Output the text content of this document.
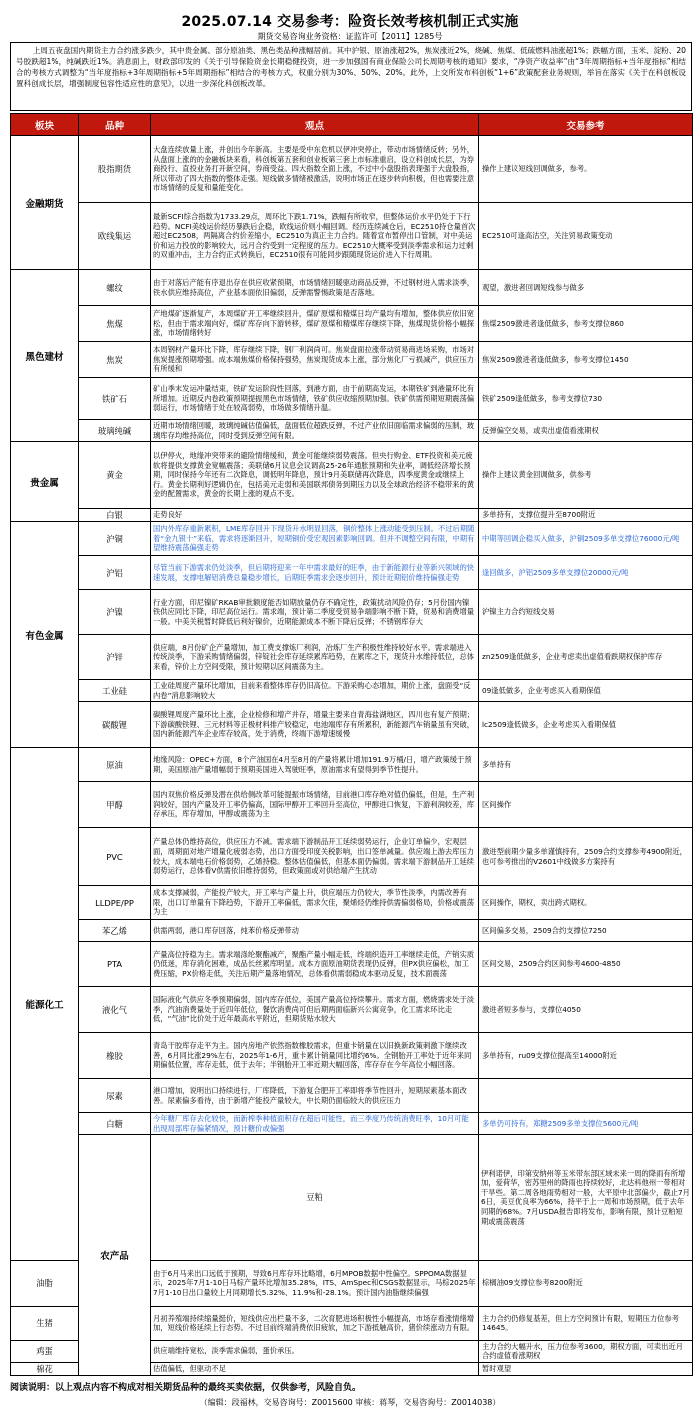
2025.07.14 交易参考：险资长效考核机制正式实施
期货交易咨询业务资格：证监许可【2011】1285号
上周五夜盘国内期货主力合约涨多跌少，其中贵金属、部分原油类、黑色类品种涨幅居前。其中沪银、原油涨超2%，焦炭涨近2%，烧碱、焦煤、低硫燃料油涨超1%；跌幅方面，玉米、淀粉、20号胶跌超1%，纯碱跌近1%。消息面上，财政部印发的《关于引导保险资金长期稳健投资，进一步加强国有商业保险公司长周期考核的通知》要求，“净资产收益率”由“3年周期指标+当年度指标”相结合的考核方式调整为“当年度指标+3年周期指标+5年周期指标”相结合的考核方式，权重分别为30%、50%、20%。此外，上交所发布科创板“1+6”政策配套业务规则，举旨在落实《关于在科创板设置科创成长层，增强制度包容性适应性的意见》，以进一步深化科创板改革。
板块	品种	观点	交易参考	
金融期货	股指期货	大盘连续放量上涨，并创出今年新高。主要是受中东危机以伊冲突停止，带动市场情绪反转；另外，从盘面上涨的的金融板块来看，科创板第五套和创业板第三套上市标准重启，设立科创成长层，为券商投行、直投业务打开新空间，券商受益。四大指数全面上涨，不过中小盘股指表现强于大盘股指，所以带动了四大指数的整体走强。短线做多情绪被激活，说明市场正在逐步转向积极，但也需要注意市场情绪的反复和量能变化。	操作上建议短线回调做多，参考。	
	欧线集运	最新SCFI综合指数为1733.29点，周环比下跌1.71%，跌幅有所收窄，但整体运价水平仍处于下行趋势。NCFI美线运价经历暴跌后企稳，欧线运价则小幅回调。经历连续减仓后，EC2510持仓量首次超过EC2508，两隔离合约价差缩小，EC2510为真正主力合约。随着宣布暂停出口管制，对中美运价和运力投放的影响较大，远月合约受到一定程度的压力。EC2510大概率受到淡季需求和运力过剩的双重冲击，主力合约正式转换后，EC2510很有可能同步跟随现货运价进入下行周期。	EC2510可逢高沽空，关注贸易政策变动	
黑色建材	螺纹	由于对落后产能有序退出存在供应收紧预期，市场情绪回暖驱动商品反弹，不过钢材进入需求淡季，铁水供应维持高位，产业基本面依旧偏弱，反弹需警惕政策是否落地。	观望，激进者回调短线参与做多	
	焦煤	产地煤矿逐渐复产，本周煤矿开工率继续回升，煤矿原煤和精煤日均产量均有增加，整体供应依旧宽松，但由于需求端向好，煤矿库存向下游转移，煤矿原煤和精煤库存继续下降，焦煤现货价格小幅探涨，市场情绪转好	焦煤2509激进者逢低做多，参考支撑位860	
	焦炭	本周钢材产量环比下降，库存继续下降，钢厂利润尚可。焦炭盘面拉涨带动贸易商进场采购，市场对焦炭提涨预期增强。成本端焦煤价格保持强势，焦炭现货成本上涨，部分焦化厂亏损减产，供应压力有所缓和	焦炭2509激进者逢低做多，参考支撑位1450	
	铁矿石	矿山季末发运冲量结束，铁矿发运阶段性回落，到港方面，由于前期高发运，本期铁矿到港量环比有所增加。近期反内卷政策预期提振黑色市场情绪，铁矿供应收缩预期加强。铁矿供需预期短期震荡偏弱运行，市场情绪于处在较高弱势，市场做多情绪升温。	铁矿2509逢低做多，参考支撑位730	
	玻璃纯碱	近期市场情绪回暖，玻璃纯碱估值偏低，盘面低位超跌反弹，不过产业依旧面临需求偏弱的压制，玻璃库存均维持高位，同时受到反弹空间有限。	反弹偏空交易，或卖出虚值看涨期权	
贵金属	黄金	以伊停火，地缘冲突带来的避险情绪缓和，黄金可能继续弱势震荡。但央行购金、ETF投资和美元疲软将提供支撑黄金宽幅震荡；美联储6月议息会议调高25-26年通胀预期和失业率，调低经济增长预期，同时保持今年还有二次降息，调低明年降息，预计9月美联储再次降息，四季度黄金或继续上行。黄金长期利好逻辑仍在，包括美元走弱和美国联邦债务到期压力以及全球政治经济不稳带来的黄金的配置需求，黄金的长期上涨的观点不变。	操作上建议黄金回调做多，供参考	
	白银	走势良好	多单持有，支撑位提升至8700附近	
有色金属	沪铜	国内外库存重新累积，LME库存回升下现货升水明显回落，铜价整体上涨动能受到压制。不过后期随着“金九银十”来临，需求将逐渐回升，短期铜价受宏观因素影响回调。但并不调整空间有限，中期有望维持震荡偏强走势	中期等回调企稳买入做多，沪铜2509多单支撑位76000元/吨	
	沪铝	尽管当前下游需求仍处淡季，但后期将迎来一年中需求最好的旺季，由于新能源行业等新兴领域的快速发展，支撑电解铝消费总量稳步增长，后期旺季需求会逐步回升，预计近期铝价维持偏强走势	逢回做多，沪铝2509多单支撑位20000元/吨	
	沪镍	行业方面，印尼镍矿RKAB审批额度能否如期放量仍存不确定性，政策扰动风险仍存；5月份国内镍铁供应同比下降，印尼高位运行。需求端，预计第二季度受贸易争端影响不断下降，贸易和消费增量一般。中美关税暂时降低后利好镍价，近期能源成本不断下降后反弹；不锈钢库存大	沪镍主力合约短线交易	
	沪锌	供应端，8月份矿企产量增加，加工费支撑炼厂利润，冶炼厂生产积极性维持较好水平。需求端进入传统淡季，下游采购情绪偏弱，锌锭社会库存延续累库趋势，在累库之下，现货升水维持低位，总体来看，锌价上方空间受限，预计短期以区间震荡为主。	zn2509逢低做多，企业考虑卖出虚值看跌期权保护库存	
	工业硅	工业硅周度产量环比增加，目前来看整体库存仍旧高位。下游采购心态增加，期价上涨，盘面受“反内卷”消息影响较大	09逢低做多，企业考虑买入看期保值	
	碳酸锂	碳酸锂周度产量环比上涨，企业检修和增产并存，增量主要来自青海盐湖地区，四川也有复产预期；下游碳酸铁锂、三元材料等正极材料排产较稳定，电池端库存有所累积，新能源汽车销量虽有突破，国内新能源汽车企业库存较高，处于消费，终端下游增速缓慢	lc2509逢低做多，企业考虑买入看期保值	
能源化工	原油	地缘风险：OPEC+方面，8个产油国在4月至8月的产量将累计增加191.9万桶/日，增产政策缓于预期，美国原油产量增幅弱于预期美国进入驾驶旺季，原油需求有望得到季节性提升。	多单持有	
	甲醇	国内双焦价格反弹及潜在供给侧改革可能提振市场情绪，目前港口库存绝对值仍偏低，但是，生产利润较好，国内产量及开工率仍偏高，国际甲醇开工率回升至高位，甲醇进口恢复，下游利润较差，库存承压，库存增加，甲醇或震荡为主	区间操作	
	PVC	产量总体仍维持高位，供应压力不减。需求端下游制品开工延续弱势运行，企业订单偏少，宏观层面，周期面对地产增量化疲弱态势，出口方面受印度关税影响，出口签单减量。供应端上游去库压力较大，成本端电石价格弱势，乙烯持稳。整体估值偏低，但基本面仍偏弱。需求端下游制品开工延续弱势运行，总体看V供需依旧维持弱势，但政策面或对供给端产生扰动	激进型前期少量多单谨慎持有，2509合约支撑参考4900附近，也可参考推出的V2601中线做多方案持有	
	LLDPE/PP	成本支撑减弱，产能投产较大，开工率与产量上升，供应端压力仍较大，季节性淡季，内需改善有限，出口订单量有下降趋势，下游开工率偏低，需求欠佳，聚烯烃仍维持供需偏弱格局，价格或震荡为主	区间操作，期权，卖出跨式期权。	
	苯乙烯	供需两弱，港口库存回落，纯苯价格反弹带动	区间偏多交易，2509合约支撑位7250	
	PTA	产量高位持稳为主。需求端涤纶聚酯减产，聚酯产量小幅走低，终端织造开工率继续走低，产销实质仍低迷，库存消化困难，成品长丝累库明显。成本方面原油期货表现仍反弹，但PX供应偏松，加工费压缩，PX价格走低，关注后期产量落地情况，总体看供需弱稳成本驱动反复，技术面震荡	区间交易，2509合约区间参考4600-4850	
	液化气	国际液化气供应冬季预期偏弱，国内库存低位，美国产量高位持续攀升。需求方面，燃烧需求处于淡季，汽油消费量处于近四年低位，餐饮消费尚可但后期两面临新兴公寓竞争，化工需求环比走低，“气油”比价处于近年最高水平附近，但期货贴水较大	激进者短多参与，支撑位4050	
	橡胶	青岛干胶库存走平为主。国内房地产依然指数橡胶需求，但重卡销量在以旧换新政策刺激下继续改善，6月同比涨29%左右，2025年1-6月，重卡累计销量同比增约6%。全钢胎开工率处于近年来同期偏低位置，库存走低，低于去年；半钢胎开工率近期大幅回落，库存存在今年高位小幅回落。	多单持有，ru09支撑位提高至14000附近	
	尿素	港口增加，说明出口持续进行，厂库降低，下游复合肥开工率即将季节性回升，短期尿素基本面改善。尿素偏多看待，由于新增产能投产量较大，中长期仍面临较大的供应压力		
	白糖	今年糖厂库存去化较快，而新榨季种植面积存在超后可能性，而三季度乃传统消费旺季，10月可能出现局部库存偏紧情况，预计糖价或偏强	多单仍可持有，郑糖2509多单支撑位5600元/吨	
	农产品	豆粕	伊利诺伊，印第安纳州等玉米带东部区域未来一周的降雨有所增加，爱荷华，密苏里州的降雨也持续较好，北达科他州一带相对干旱些。第二周各地雨势相对一般，大平原中北部偏少，截止7月6日，美豆优良率为66%，持平于上一周和市场预期，低于去年同期的68%。7月USDA报告即将发布，影响有限，预计豆粕短期或震荡震荡	
油脂		由于6月马来出口远低于预期，导致6月库存环比略增，6月MPOB数据中性偏空。SPPOMA数据显示，2025年7月1-10日马棕产量环比增加35.28%，ITS、AmSpec和CSGS数据显示，马棕2025年7月1-10日出口量较上月同期增长5.32%、11.9%和-28.1%。预计国内油脂继续偏强	棕榈油09支撑位参考8200附近	
生猪		月初养殖端持续缩量挺价，短线供应出栏量不多，二次育肥进场积极性小幅提高，市场存看涨情绪增加，短线价格延续上行态势。不过目前终端消费依旧疲软，加之下游抵触高价，猪价续涨动力有限。	主力合约仍修复基差，但上方空间预计有限，短期压力位参考14645。	
鸡蛋		供应端维持宽松，淡季需求偏弱，蛋价承压。	主力合约大幅升水，压力位参考3600，期权方面，可卖出近月合约虚值看涨期权	
棉花		估值偏低，但驱动不足	暂时观望	
阅读说明：以上观点内容不构成对相关期货品种的最终买卖依据，仅供参考，风险自负。
（编辑：段福林，交易咨询号：Z0015600 审核：蒋琴，交易咨询号：Z0014038）
